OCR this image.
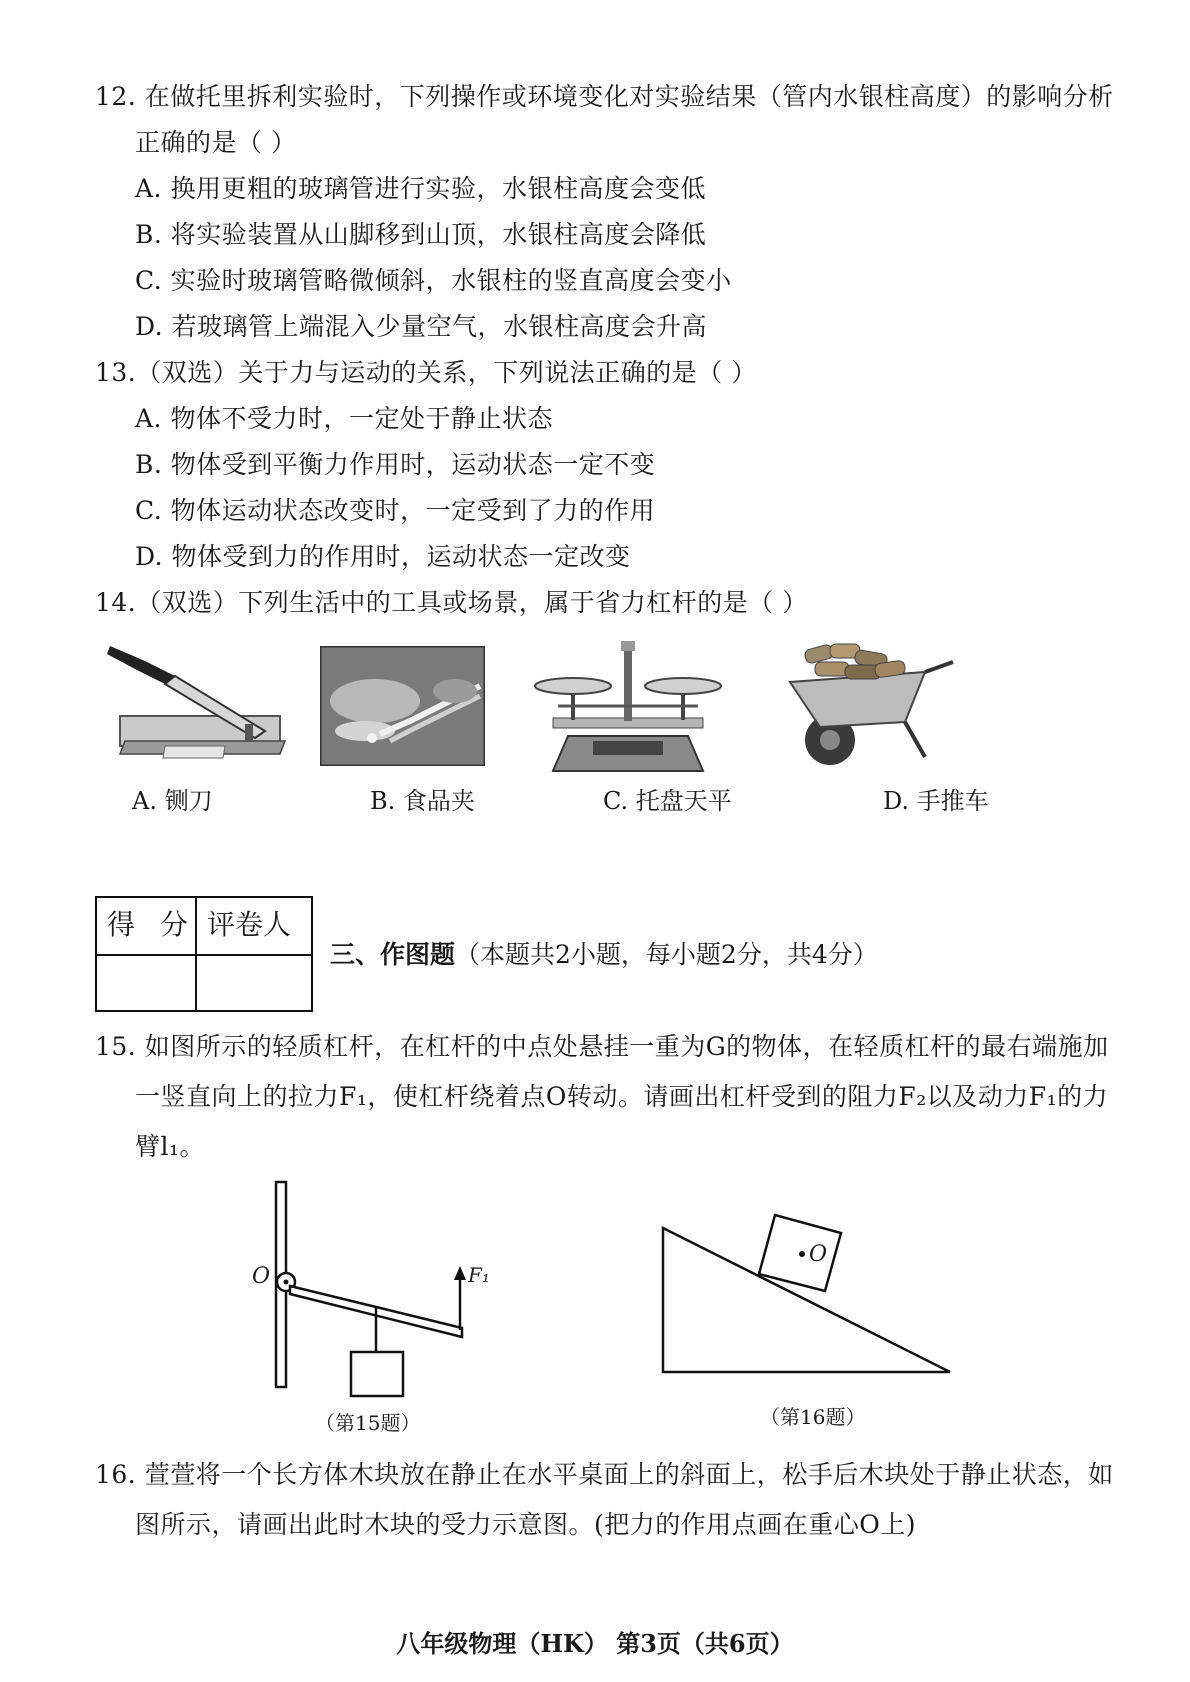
12. 在做托里拆利实验时，下列操作或环境变化对实验结果（管内水银柱高度）的影响分析
正确的是（ ）
A. 换用更粗的玻璃管进行实验，水银柱高度会变低
B. 将实验装置从山脚移到山顶，水银柱高度会降低
C. 实验时玻璃管略微倾斜，水银柱的竖直高度会变小
D. 若玻璃管上端混入少量空气，水银柱高度会升高
13.（双选）关于力与运动的关系，下列说法正确的是（ ）
A. 物体不受力时，一定处于静止状态
B. 物体受到平衡力作用时，运动状态一定不变
C. 物体运动状态改变时，一定受到了力的作用
D. 物体受到力的作用时，运动状态一定改变
14.（双选）下列生活中的工具或场景，属于省力杠杆的是（ ）
A. 铡刀	B. 食品夹	C. 托盘天平	D. 手推车
得 分 评卷人
三、作图题（本题共2小题，每小题2分，共4分）
15. 如图所示的轻质杠杆，在杠杆的中点处悬挂一重为G的物体，在轻质杠杆的最右端施加
一竖直向上的拉力F₁，使杠杆绕着点O转动。请画出杠杆受到的阻力F₂以及动力F₁的力
臂l₁。
O	F₁
（第15题）
O
（第16题）
16. 萱萱将一个长方体木块放在静止在水平桌面上的斜面上，松手后木块处于静止状态，如
图所示，请画出此时木块的受力示意图。(把力的作用点画在重心O上)
八年级物理（HK） 第3页（共6页）
